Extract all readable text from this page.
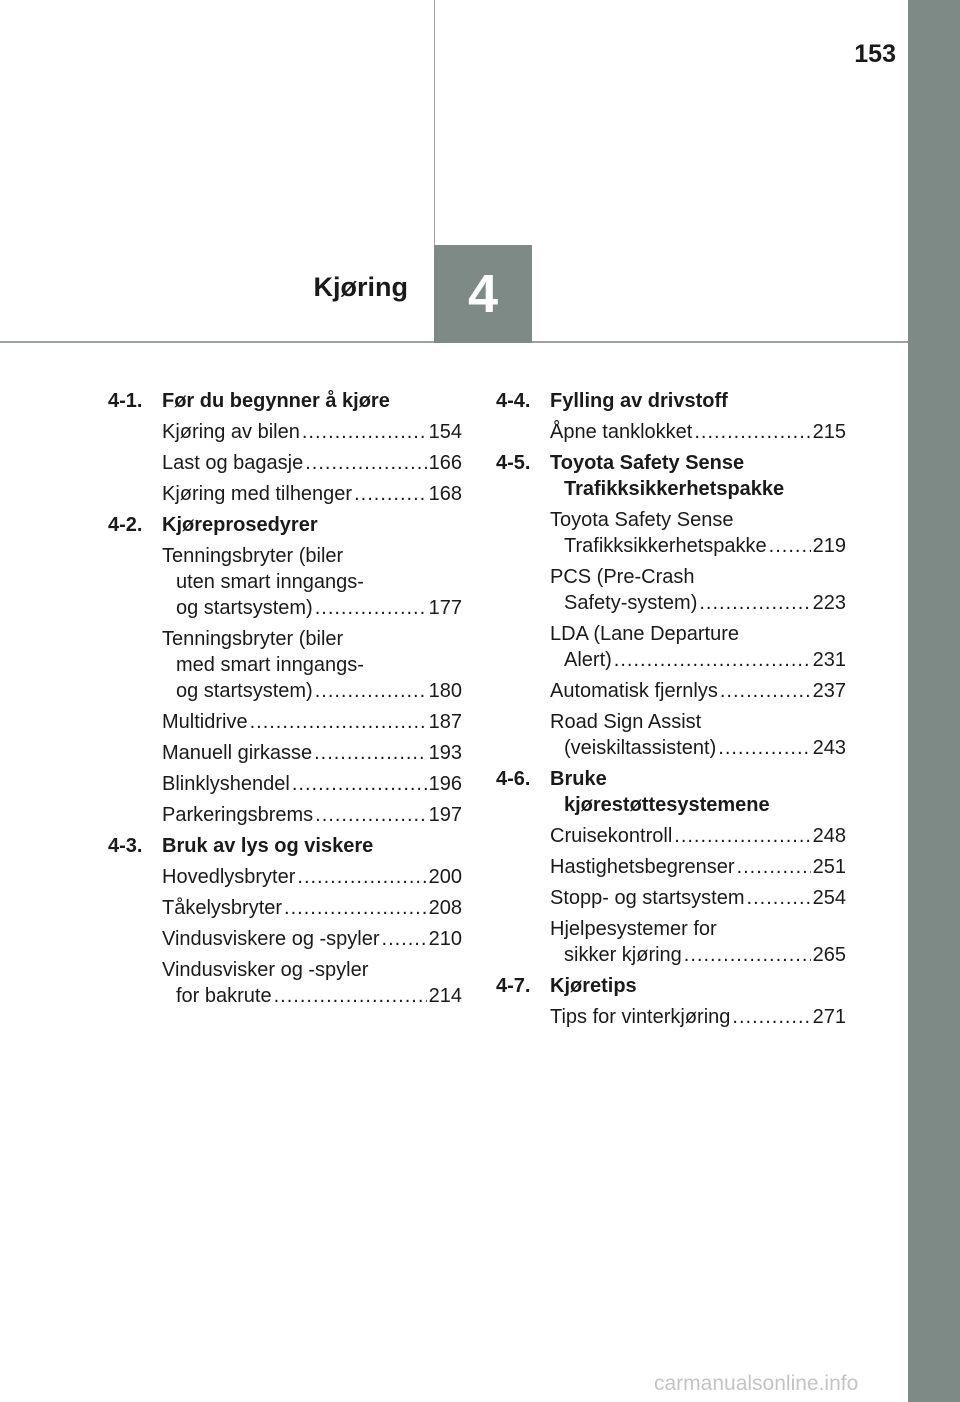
153
4
Kjøring
4-1. Før du begynner å kjøre
Kjøring av bilen .....	154
Last og bagasje .....	166
Kjøring med tilhenger .....	168
4-2. Kjøreprosedyrer
Tenningsbryter (biler
uten smart inngangs-
og startsystem) .....	177
Tenningsbryter (biler
med smart inngangs-
og startsystem) .....	180
Multidrive .....	187
Manuell girkasse .....	193
Blinklyshendel .....	196
Parkeringsbrems .....	197
4-3. Bruk av lys og viskere
Hovedlysbryter .....	200
Tåkelysbryter .....	208
Vindusviskere og -spyler ..... 210
Vindusvisker og -spyler
for bakrute .....	214
4-4. Fylling av drivstoff
Åpne tanklokket .....	215
4-5. Toyota Safety Sense
Trafikksikkerhetspakke
Toyota Safety Sense
Trafikksikkerhetspakke ..... 219
PCS (Pre-Crash
Safety-system) .....	223
LDA (Lane Departure
Alert) .....	231
Automatisk fjernlys .....	237
Road Sign Assist
(veiskiltassistent) .....	243
4-6. Bruke
kjørestøttesystemene
Cruisekontroll .....	248
Hastighetsbegrenser .....	251
Stopp- og startsystem .....	254
Hjelpesystemer for
sikker kjøring .....	265
4-7. Kjøretips
Tips for vinterkjøring .....	271
carmanualsonline.info
